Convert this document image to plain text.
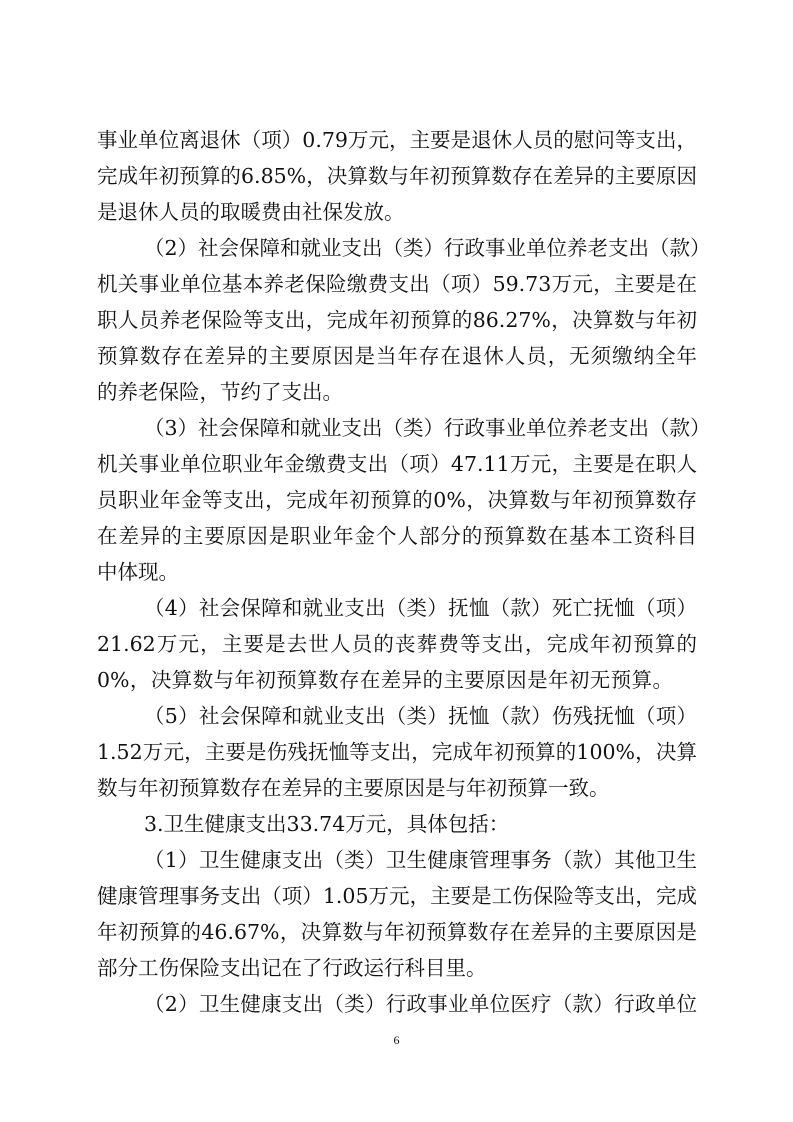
事业单位离退休（项）0.79万元，主要是退休人员的慰问等支出，
完成年初预算的6.85%，决算数与年初预算数存在差异的主要原因
是退休人员的取暖费由社保发放。
（2）社会保障和就业支出（类）行政事业单位养老支出（款）
机关事业单位基本养老保险缴费支出（项）59.73万元，主要是在
职人员养老保险等支出，完成年初预算的86.27%，决算数与年初
预算数存在差异的主要原因是当年存在退休人员，无须缴纳全年
的养老保险，节约了支出。
（3）社会保障和就业支出（类）行政事业单位养老支出（款）
机关事业单位职业年金缴费支出（项）47.11万元，主要是在职人
员职业年金等支出，完成年初预算的0%，决算数与年初预算数存
在差异的主要原因是职业年金个人部分的预算数在基本工资科目
中体现。
（4）社会保障和就业支出（类）抚恤（款）死亡抚恤（项）
21.62万元，主要是去世人员的丧葬费等支出，完成年初预算的
0%，决算数与年初预算数存在差异的主要原因是年初无预算。
（5）社会保障和就业支出（类）抚恤（款）伤残抚恤（项）
1.52万元，主要是伤残抚恤等支出，完成年初预算的100%，决算
数与年初预算数存在差异的主要原因是与年初预算一致。
3.卫生健康支出33.74万元，具体包括：
（1）卫生健康支出（类）卫生健康管理事务（款）其他卫生
健康管理事务支出（项）1.05万元，主要是工伤保险等支出，完成
年初预算的46.67%，决算数与年初预算数存在差异的主要原因是
部分工伤保险支出记在了行政运行科目里。
（2）卫生健康支出（类）行政事业单位医疗（款）行政单位
6
